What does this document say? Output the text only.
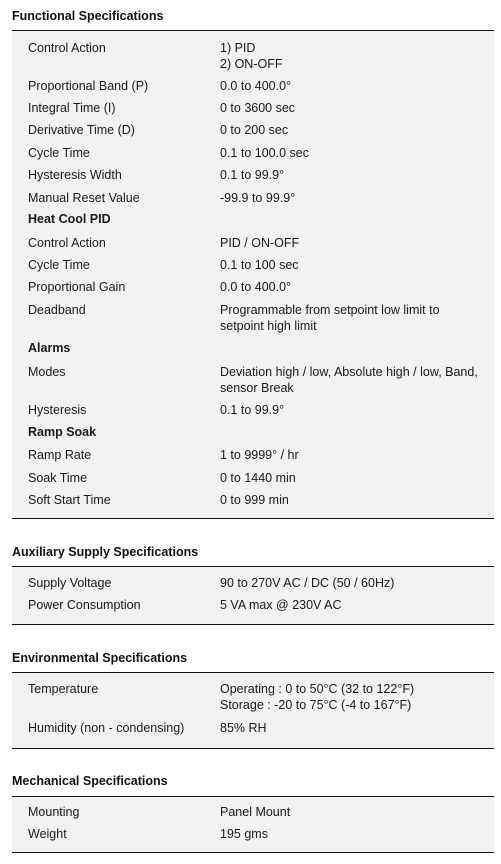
Functional Specifications
Control Action	1) PID
2) ON-OFF
Proportional Band (P)	0.0 to 400.0°
Integral Time (I)	0 to 3600 sec
Derivative Time (D)	0 to 200 sec
Cycle Time	0.1 to 100.0 sec
Hysteresis Width	0.1 to 99.9°
Manual Reset Value	-99.9 to 99.9°
Heat Cool PID
Control Action	PID / ON-OFF
Cycle Time	0.1 to 100 sec
Proportional Gain	0.0 to 400.0°
Deadband	Programmable from setpoint low limit to
setpoint high limit
Alarms
Modes	Deviation high / low, Absolute high / low, Band,
sensor Break
Hysteresis	0.1 to 99.9°
Ramp Soak
Ramp Rate	1 to 9999° / hr
Soak Time	0 to 1440 min
Soft Start Time	0 to 999 min
Auxiliary Supply Specifications
Supply Voltage	90 to 270V AC / DC (50 / 60Hz)
Power Consumption	5 VA max @ 230V AC
Environmental Specifications
Temperature	Operating : 0 to 50°C (32 to 122°F)
Storage : -20 to 75°C (-4 to 167°F)
Humidity (non - condensing)	85% RH
Mechanical Specifications
Mounting	Panel Mount
Weight	195 gms
